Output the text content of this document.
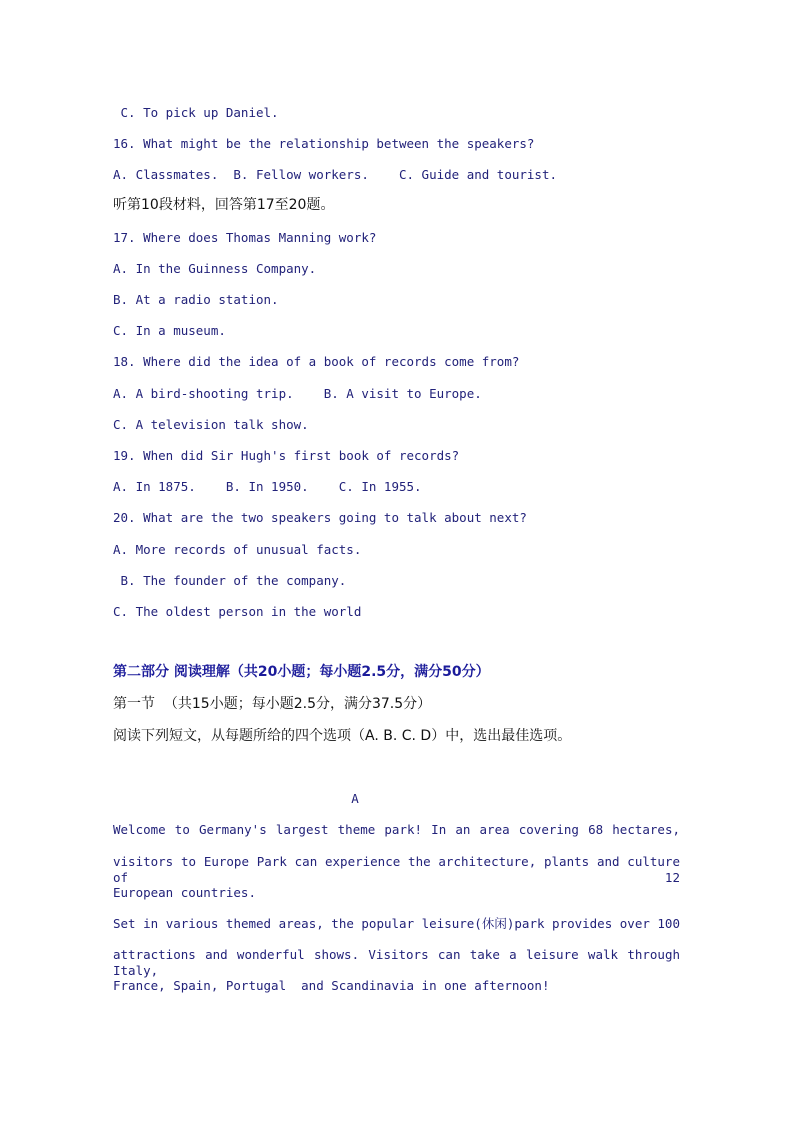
C. To pick up Daniel.
16. What might be the relationship between the speakers?
A. Classmates.  B. Fellow workers.    C. Guide and tourist.
听第10段材料，回答第17至20题。
17. Where does Thomas Manning work?
A. In the Guinness Company.
B. At a radio station.
C. In a museum.
18. Where did the idea of a book of records come from?
A. A bird-shooting trip.    B. A visit to Europe.
C. A television talk show.
19. When did Sir Hugh's first book of records?
A. In 1875.    B. In 1950.    C. In 1955.
20. What are the two speakers going to talk about next?
A. More records of unusual facts.
B. The founder of the company.
C. The oldest person in the world
第二部分 阅读理解（共20小题；每小题2.5分，满分50分）
第一节  （共15小题；每小题2.5分，满分37.5分）
阅读下列短文，从每题所给的四个选项（A. B. C. D）中，选出最佳选项。
A
Welcome to Germany's largest theme park! In an area covering 68 hectares,
visitors to Europe Park can experience the architecture, plants and culture of 12
European countries.
Set in various themed areas, the popular leisure(休闲)park provides over 100
attractions and wonderful shows. Visitors can take a leisure walk through Italy,
France, Spain, Portugal  and Scandinavia in one afternoon!
